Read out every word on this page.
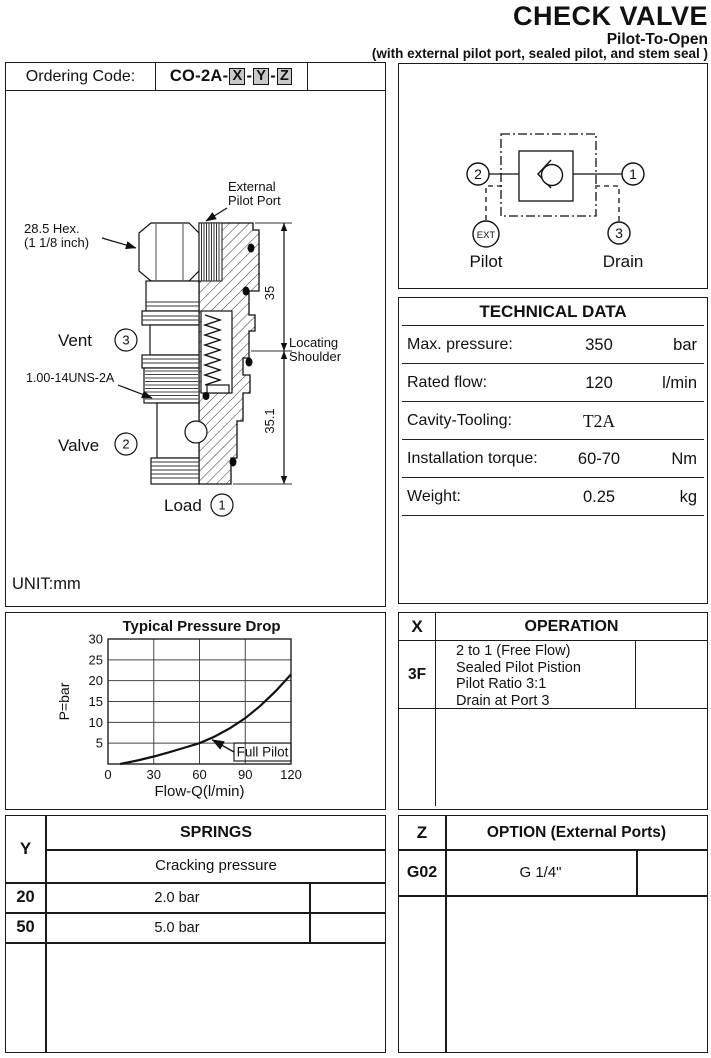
CHECK VALVE
Pilot-To-Open
(with external pilot port, sealed pilot, and stem seal )
Ordering Code:	CO-2A- X - Y - Z
35
35.1
Locating
Shoulder
External
Pilot Port
28.5 Hex.
(1 1/8 inch)
Vent 3
1.00-14UNS-2A
Valve 2
Load 1
UNIT:mm
2	1
EXT	3
Pilot	Drain
TECHNICAL DATA
Max. pressure:	350	bar
Rated flow:	120	l/min
Cavity-Tooling:	T2A
Installation torque:	60-70	Nm
Weight:	0.25	kg
0	30 60 90 120
5
10
15
20
25
30
Typical Pressure Drop
Flow-Q(l/min)
P=bar
Full Pilot
X	OPERATION
3F
2 to 1 (Free Flow)
Sealed Pilot Pistion
Pilot Ratio 3:1
Drain at Port 3
Y
SPRINGS
Cracking pressure
20	2.0 bar
50	5.0 bar
Z	OPTION (External Ports)
G02	G 1/4"
